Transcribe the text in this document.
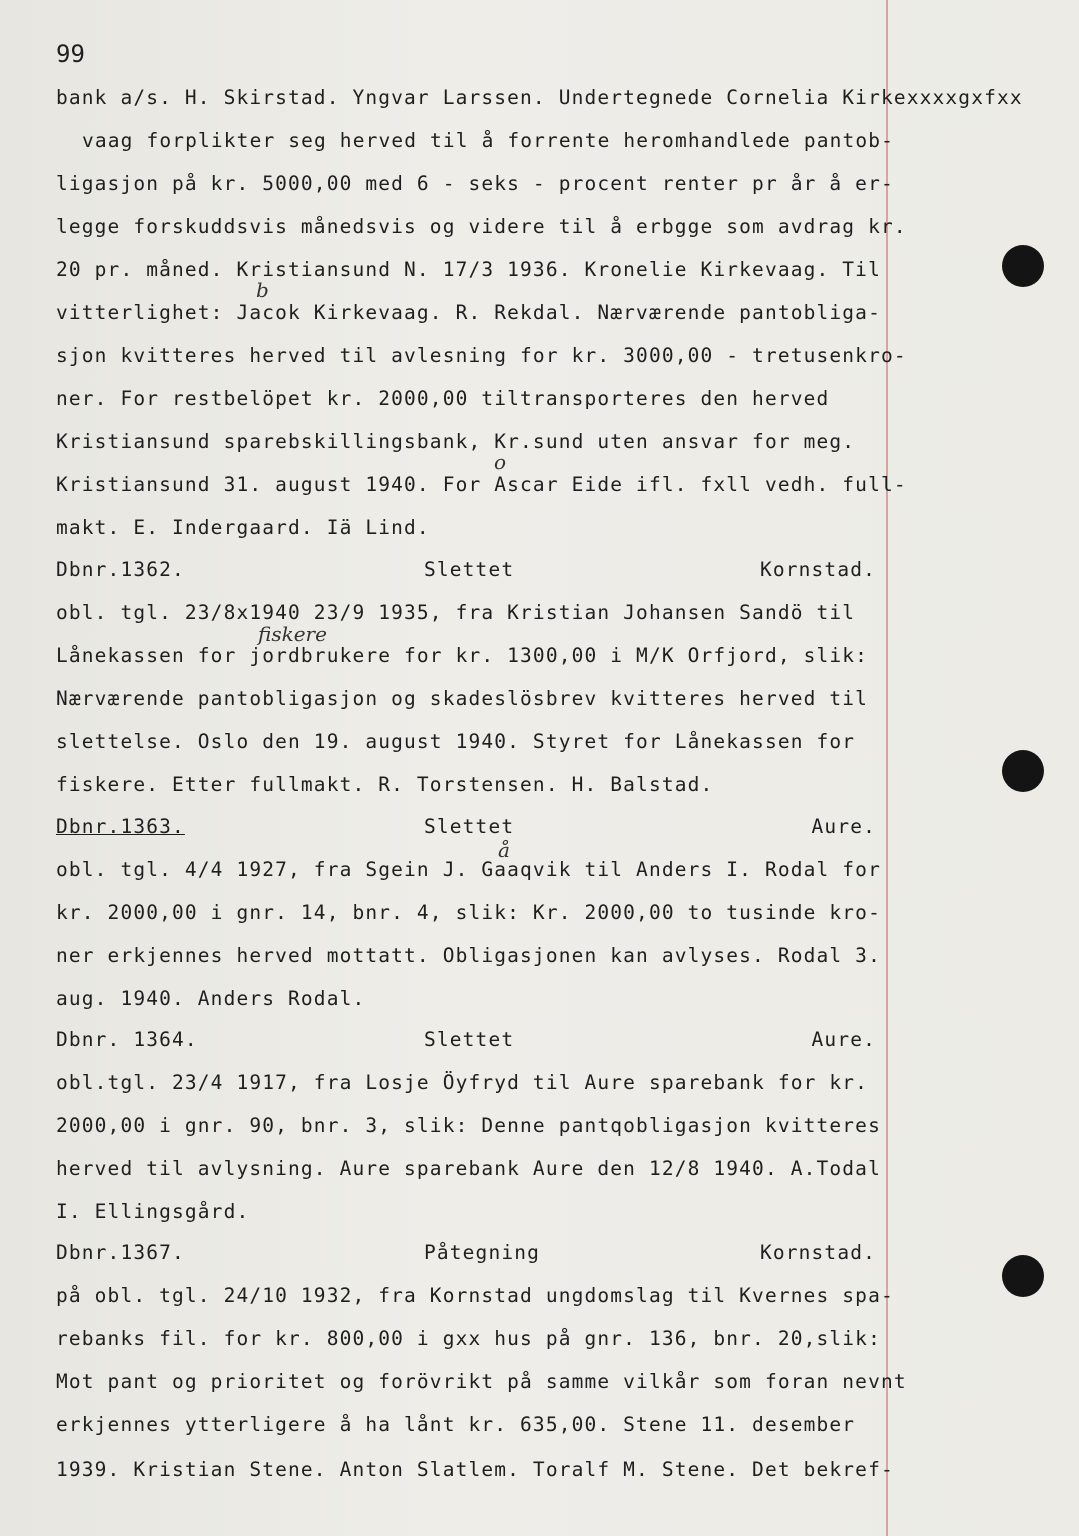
99
bank a/s. H. Skirstad. Yngvar Larssen. Undertegnede Cornelia Kirkexxxxgxfxx
vaag forplikter seg herved til å forrente heromhandlede pantob-
ligasjon på kr. 5000,00 med 6 - seks - procent renter pr år å er-
legge forskuddsvis månedsvis og videre til å erbgge som avdrag kr.
20 pr. måned. Kristiansund N. 17/3 1936. Kronelie Kirkevaag. Til
b
vitterlighet: Jacok Kirkevaag. R. Rekdal. Nærværende pantobliga-
sjon kvitteres herved til avlesning for kr. 3000,00 - tretusenkro-
ner. For restbelöpet kr. 2000,00 tiltransporteres den herved
Kristiansund sparebskillingsbank, Kr.sund uten ansvar for meg.
o
Kristiansund 31. august 1940. For Ascar Eide ifl. fxll vedh. full-
makt. E. Indergaard. Iä Lind.
Dbnr.1362.	Slettet	Kornstad.
obl. tgl. 23/8x1940 23/9 1935, fra Kristian Johansen Sandö til
fiskere
Lånekassen for jordbrukere for kr. 1300,00 i M/K Orfjord, slik:
Nærværende pantobligasjon og skadeslösbrev kvitteres herved til
slettelse. Oslo den 19. august 1940. Styret for Lånekassen for
fiskere. Etter fullmakt. R. Torstensen. H. Balstad.
Dbnr.1363.	Slettet	Aure.
å
obl. tgl. 4/4 1927, fra Sgein J. Gaaqvik til Anders I. Rodal for
kr. 2000,00 i gnr. 14, bnr. 4, slik: Kr. 2000,00 to tusinde kro-
ner erkjennes herved mottatt. Obligasjonen kan avlyses. Rodal 3.
aug. 1940. Anders Rodal.
Dbnr. 1364.	Slettet	Aure.
obl.tgl. 23/4 1917, fra Losje Öyfryd til Aure sparebank for kr.
2000,00 i gnr. 90, bnr. 3, slik: Denne pantqobligasjon kvitteres
herved til avlysning. Aure sparebank Aure den 12/8 1940. A.Todal
I. Ellingsgård.
Dbnr.1367.	Påtegning	Kornstad.
på obl. tgl. 24/10 1932, fra Kornstad ungdomslag til Kvernes spa-
rebanks fil. for kr. 800,00 i gxx hus på gnr. 136, bnr. 20,slik:
Mot pant og prioritet og forövrikt på samme vilkår som foran nevnt
erkjennes ytterligere å ha lånt kr. 635,00. Stene 11. desember
1939. Kristian Stene. Anton Slatlem. Toralf M. Stene. Det bekref-
